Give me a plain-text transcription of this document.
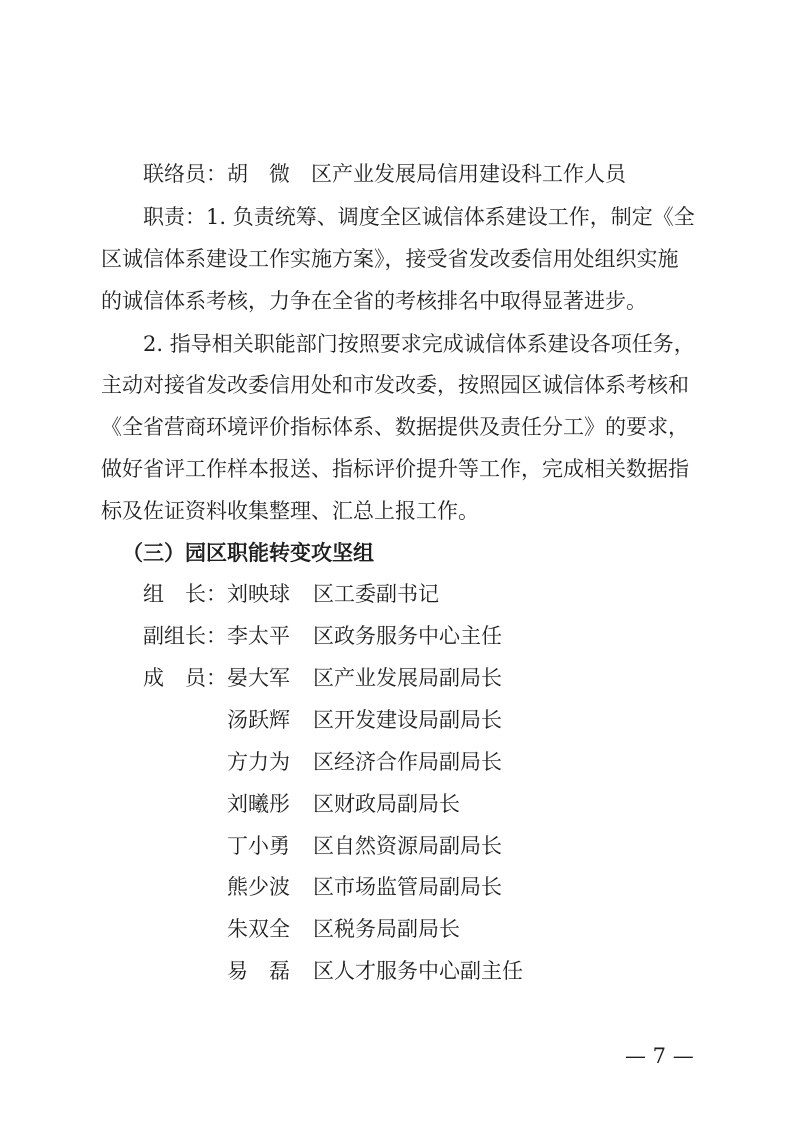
联络员：胡　微　区产业发展局信用建设科工作人员
职责：1. 负责统筹、调度全区诚信体系建设工作，制定《全
区诚信体系建设工作实施方案》，接受省发改委信用处组织实施
的诚信体系考核，力争在全省的考核排名中取得显著进步。
2. 指导相关职能部门按照要求完成诚信体系建设各项任务，
主动对接省发改委信用处和市发改委，按照园区诚信体系考核和
《全省营商环境评价指标体系、数据提供及责任分工》的要求，
做好省评工作样本报送、指标评价提升等工作，完成相关数据指
标及佐证资料收集整理、汇总上报工作。
（三）园区职能转变攻坚组
组　长： 刘映球 区工委副书记
副组长： 李太平 区政务服务中心主任
成　员： 晏大军 区产业发展局副局长
汤跃辉 区开发建设局副局长
方力为 区经济合作局副局长
刘曦彤 区财政局副局长
丁小勇 区自然资源局副局长
熊少波 区市场监管局副局长
朱双全 区税务局副局长
易　磊 区人才服务中心副主任
— 7 —
